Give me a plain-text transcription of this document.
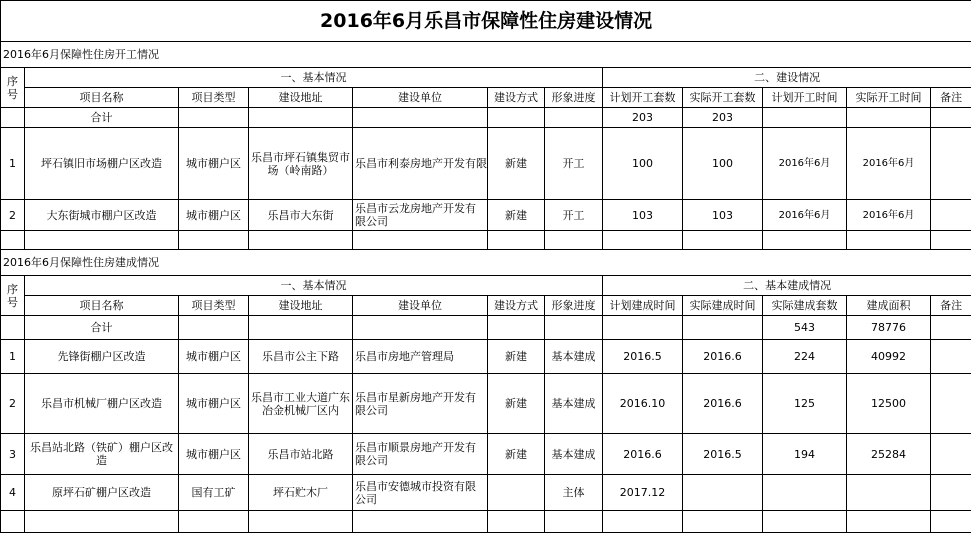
2016年6月乐昌市保障性住房建设情况											
2016年6月保障性住房开工情况											
序号	一、基本情况						二、建设情况				
	项目名称	项目类型	建设地址	建设单位	建设方式	形象进度	计划开工套数	实际开工套数	计划开工时间	实际开工时间	备注
	合计						203	203			
1	坪石镇旧市场棚户区改造	城市棚户区	乐昌市坪石镇集贸市场（岭南路）	乐昌市利泰房地产开发有限	新建	开工	100	100	2016年6月	2016年6月	
2	大东街城市棚户区改造	城市棚户区	乐昌市大东街	乐昌市云龙房地产开发有限公司	新建	开工	103	103	2016年6月	2016年6月	

2016年6月保障性住房建成情况											
序号	一、基本情况						二、基本建成情况				
	项目名称	项目类型	建设地址	建设单位	建设方式	形象进度	计划建成时间	实际建成时间	实际建成套数	建成面积	备注
	合计								543	78776	
1	先锋街棚户区改造	城市棚户区	乐昌市公主下路	乐昌市房地产管理局	新建	基本建成	2016.5	2016.6	224	40992	
2	乐昌市机械厂棚户区改造	城市棚户区	乐昌市工业大道广东冶金机械厂区内	乐昌市星新房地产开发有限公司	新建	基本建成	2016.10	2016.6	125	12500	
3	乐昌站北路（铁矿）棚户区改造	城市棚户区	乐昌市站北路	乐昌市顺景房地产开发有限公司	新建	基本建成	2016.6	2016.5	194	25284	
4	原坪石矿棚户区改造	国有工矿	坪石贮木厂	乐昌市安德城市投资有限公司		主体	2017.12				
